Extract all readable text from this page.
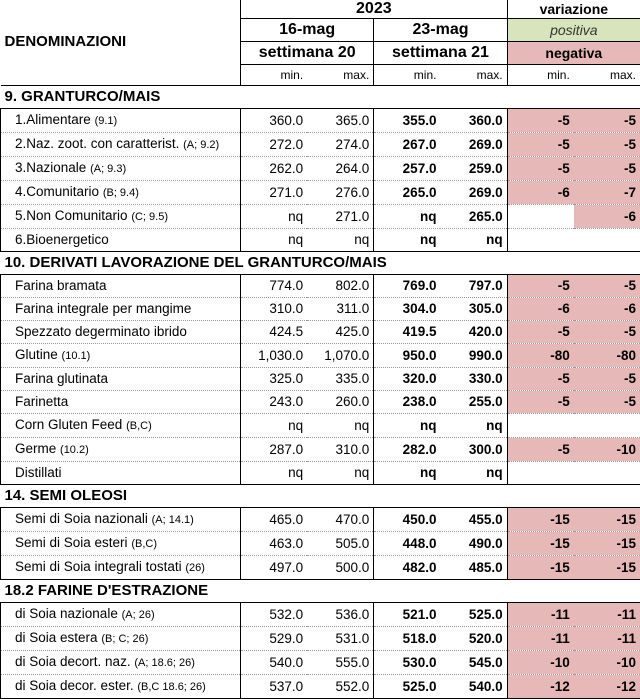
	2023				variazione	
DENOMINAZIONI	16-mag		23-mag		positiva	
	settimana 20		settimana 21		negativa	
	min.	max.	min.	max.	min.	max.
9. GRANTURCO/MAIS						
1.Alimentare (9.1)	360.0	365.0	355.0	360.0	-5	-5
2.Naz. zoot. con caratterist. (A; 9.2)	272.0	274.0	267.0	269.0	-5	-5
3.Nazionale (A; 9.3)	262.0	264.0	257.0	259.0	-5	-5
4.Comunitario (B; 9.4)	271.0	276.0	265.0	269.0	-6	-7
5.Non Comunitario (C; 9.5)	nq	271.0	nq	265.0		-6
6.Bioenergetico	nq	nq	nq	nq		
10. DERIVATI LAVORAZIONE DEL GRANTURCO/MAIS						
Farina bramata	774.0	802.0	769.0	797.0	-5	-5
Farina integrale per mangime	310.0	311.0	304.0	305.0	-6	-6
Spezzato degerminato ibrido	424.5	425.0	419.5	420.0	-5	-5
Glutine (10.1)	1,030.0	1,070.0	950.0	990.0	-80	-80
Farina glutinata	325.0	335.0	320.0	330.0	-5	-5
Farinetta	243.0	260.0	238.0	255.0	-5	-5
Corn Gluten Feed (B,C)	nq	nq	nq	nq		
Germe (10.2)	287.0	310.0	282.0	300.0	-5	-10
Distillati	nq	nq	nq	nq		
14. SEMI OLEOSI						
Semi di Soia nazionali (A; 14.1)	465.0	470.0	450.0	455.0	-15	-15
Semi di Soia esteri (B,C)	463.0	505.0	448.0	490.0	-15	-15
Semi di Soia integrali tostati (26)	497.0	500.0	482.0	485.0	-15	-15
18.2 FARINE D'ESTRAZIONE						
di Soia nazionale (A; 26)	532.0	536.0	521.0	525.0	-11	-11
di Soia estera (B; C; 26)	529.0	531.0	518.0	520.0	-11	-11
di Soia decort. naz. (A; 18.6; 26)	540.0	555.0	530.0	545.0	-10	-10
di Soia decor. ester. (B,C 18.6; 26)	537.0	552.0	525.0	540.0	-12	-12
